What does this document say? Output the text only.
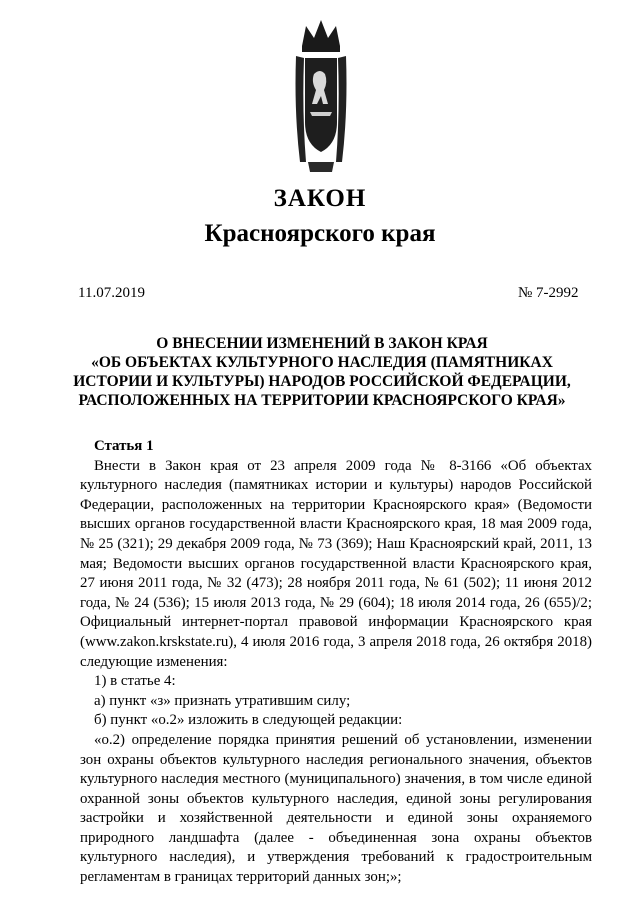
ЗАКОН
Красноярского края
11.07.2019	№ 7-2992
О ВНЕСЕНИИ ИЗМЕНЕНИЙ В ЗАКОН КРАЯ
«ОБ ОБЪЕКТАХ КУЛЬТУРНОГО НАСЛЕДИЯ (ПАМЯТНИКАХ
ИСТОРИИ И КУЛЬТУРЫ) НАРОДОВ РОССИЙСКОЙ ФЕДЕРАЦИИ,
РАСПОЛОЖЕННЫХ НА ТЕРРИТОРИИ КРАСНОЯРСКОГО КРАЯ»

Статья 1

Внести в Закон края от 23 апреля 2009 года № 8-3166 «Об объектах культурного наследия (памятниках истории и культуры) народов Российской Федерации, расположенных на территории Красноярского края» (Ведомости высших органов государственной власти Красноярского края, 18 мая 2009 года, № 25 (321); 29 декабря 2009 года, № 73 (369); Наш Красноярский край, 2011, 13 мая; Ведомости высших органов государственной власти Красноярского края, 27 июня 2011 года, № 32 (473); 28 ноября 2011 года, № 61 (502); 11 июня 2012 года, № 24 (536); 15 июля 2013 года, № 29 (604); 18 июля 2014 года, 26 (655)/2; Официальный интернет-портал правовой информации Красноярского края (www.zakon.krskstate.ru), 4 июля 2016 года, 3 апреля 2018 года, 26 октября 2018) следующие изменения:

1) в статье 4:

а) пункт «з» признать утратившим силу;

б) пункт «о.2» изложить в следующей редакции:

«о.2) определение порядка принятия решений об установлении, изменении зон охраны объектов культурного наследия регионального значения, объектов культурного наследия местного (муниципального) значения, в том числе единой охранной зоны объектов культурного наследия, единой зоны регулирования застройки и хозяйственной деятельности и единой зоны охраняемого природного ландшафта (далее - объединенная зона охраны объектов культурного наследия), и утверждения требований к градостроительным регламентам в границах территорий данных зон;»;
